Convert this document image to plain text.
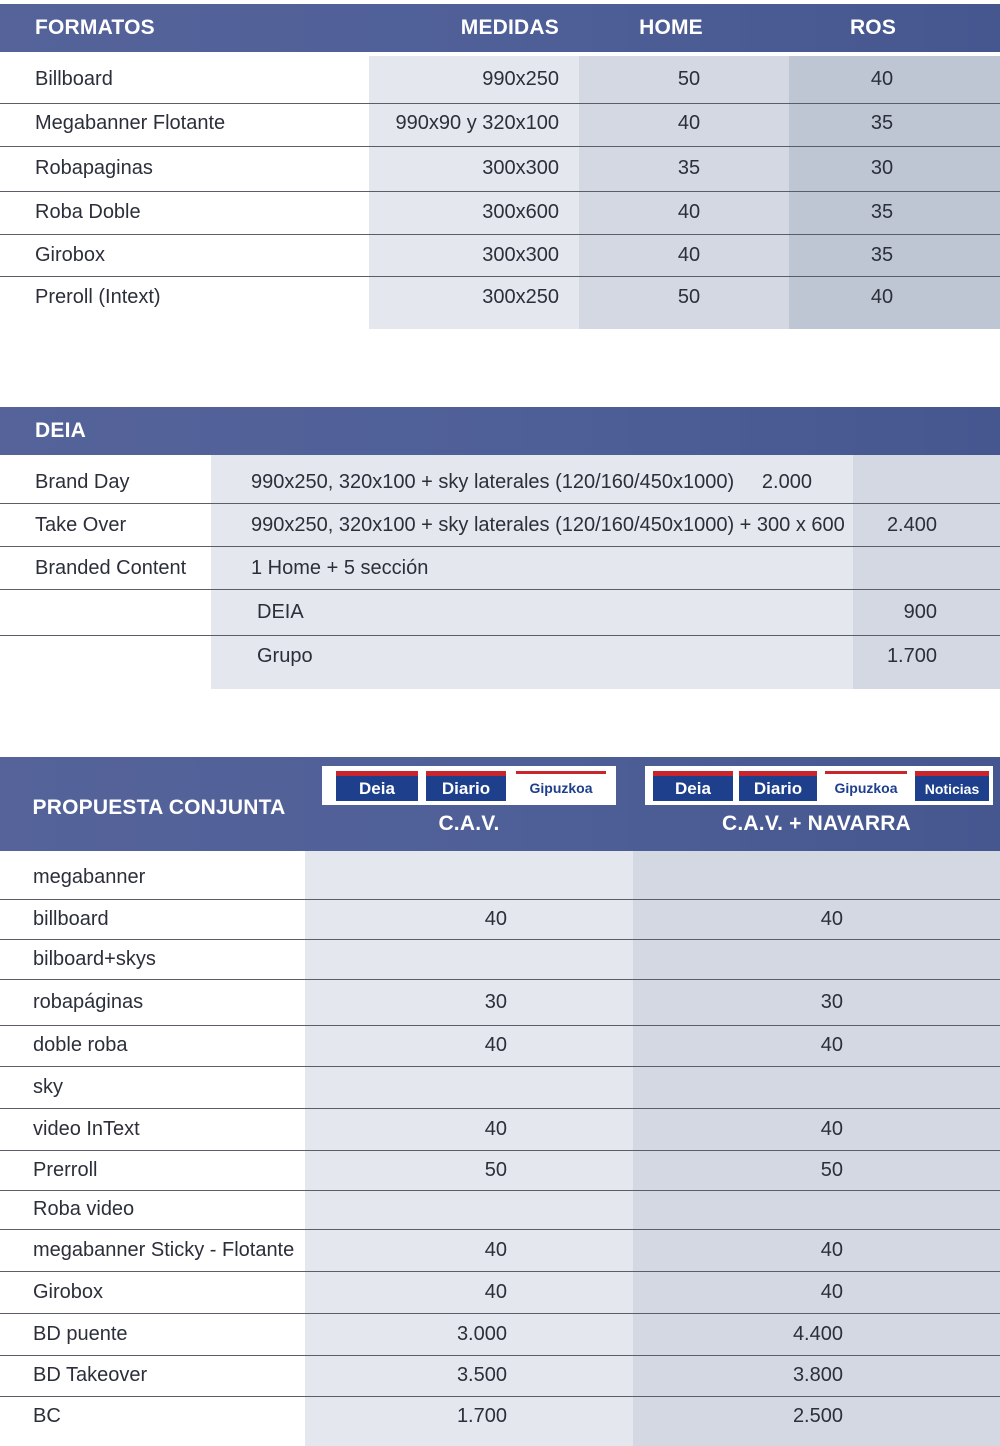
FORMATOS	MEDIDAS	HOME	ROS
Billboard	990x250	50	40
Megabanner Flotante	990x90 y 320x100	40	35
Robapaginas	300x300	35	30
Roba Doble	300x600	40	35
Girobox	300x300	40	35
Preroll (Intext)	300x250	50	40
DEIA
Brand Day	990x250, 320x100 + sky laterales (120/160/450x1000)     2.000
Take Over	990x250, 320x100 + sky laterales (120/160/450x1000) + 300 x 600	2.400
Branded Content	1 Home + 5 sección
DEIA	900
Grupo	1.700
PROPUESTA CONJUNTA
Deia	Diario	Gipuzkoa
C.A.V.
Deia	Diario	Gipuzkoa	Noticias
C.A.V. + NAVARRA
megabanner
billboard	40	40
bilboard+skys
robapáginas	30	30
doble roba	40	40
sky
video InText	40	40
Prerroll	50	50
Roba video
megabanner Sticky - Flotante	40	40
Girobox	40	40
BD puente	3.000	4.400
BD Takeover	3.500	3.800
BC	1.700	2.500
